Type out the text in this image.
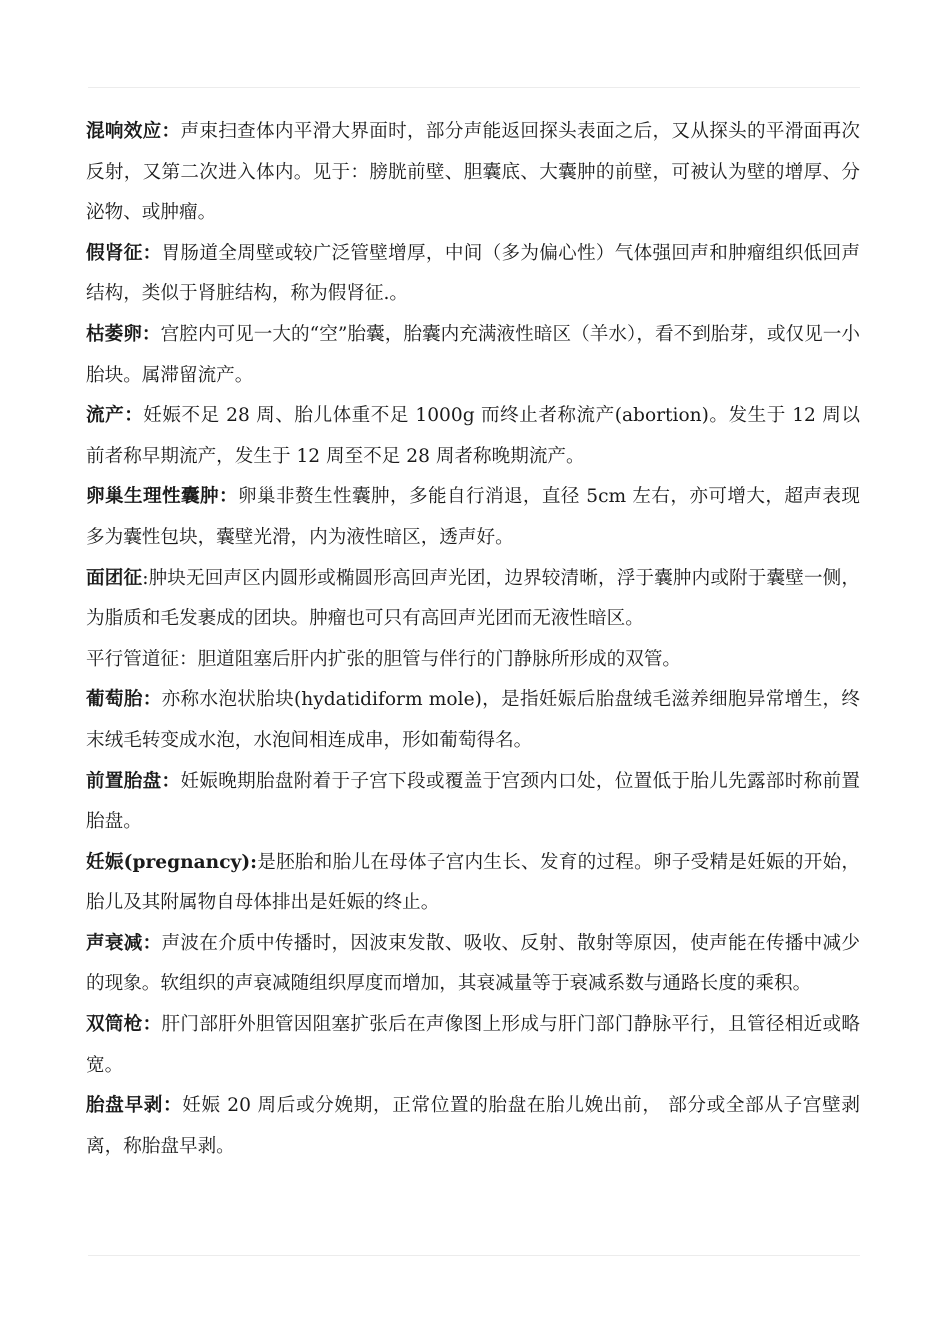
混响效应：声束扫查体内平滑大界面时，部分声能返回探头表面之后，又从探头的平滑面再次反射，又第二次进入体内。见于：膀胱前壁、胆囊底、大囊肿的前壁，可被认为壁的增厚、分泌物、或肿瘤。

假肾征：胃肠道全周壁或较广泛管壁增厚，中间（多为偏心性）气体强回声和肿瘤组织低回声结构，类似于肾脏结构，称为假肾征.。

枯萎卵：宫腔内可见一大的“空”胎囊，胎囊内充满液性暗区（羊水），看不到胎芽，或仅见一小胎块。属滞留流产。

流产：妊娠不足 28 周、胎儿体重不足 1000g 而终止者称流产(abortion)。发生于 12 周以前者称早期流产，发生于 12 周至不足 28 周者称晚期流产。

卵巢生理性囊肿：卵巢非赘生性囊肿，多能自行消退，直径 5cm 左右，亦可增大，超声表现多为囊性包块，囊壁光滑，内为液性暗区，透声好。

面团征:肿块无回声区内圆形或椭圆形高回声光团，边界较清晰，浮于囊肿内或附于囊壁一侧，为脂质和毛发裹成的团块。肿瘤也可只有高回声光团而无液性暗区。

平行管道征：胆道阻塞后肝内扩张的胆管与伴行的门静脉所形成的双管。

葡萄胎：亦称水泡状胎块(hydatidiform mole)，是指妊娠后胎盘绒毛滋养细胞异常增生，终末绒毛转变成水泡，水泡间相连成串，形如葡萄得名。

前置胎盘：妊娠晚期胎盘附着于子宫下段或覆盖于宫颈内口处，位置低于胎儿先露部时称前置胎盘。

妊娠(pregnancy):是胚胎和胎儿在母体子宫内生长、发育的过程。卵子受精是妊娠的开始，胎儿及其附属物自母体排出是妊娠的终止。

声衰减：声波在介质中传播时，因波束发散、吸收、反射、散射等原因，使声能在传播中减少的现象。软组织的声衰减随组织厚度而增加，其衰减量等于衰减系数与通路长度的乘积。

双筒枪：肝门部肝外胆管因阻塞扩张后在声像图上形成与肝门部门静脉平行，且管径相近或略宽。

胎盘早剥：妊娠 20 周后或分娩期，正常位置的胎盘在胎儿娩出前， 部分或全部从子宫壁剥离，称胎盘早剥。
